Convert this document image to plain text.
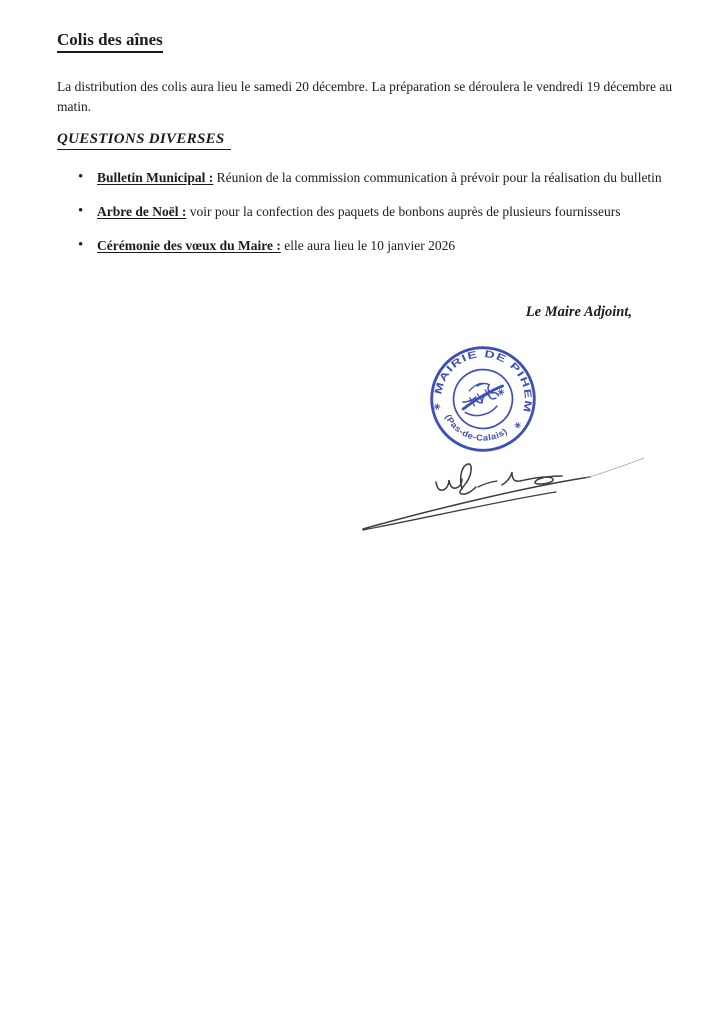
Colis des aînes

La distribution des colis aura lieu le samedi 20 décembre. La préparation se déroulera le vendredi 19 décembre au matin.

QUESTIONS DIVERSES
• Bulletin Municipal : Réunion de la commission communication à prévoir pour la réalisation du bulletin
• Arbre de Noël : voir pour la confection des paquets de bonbons auprès de plusieurs fournisseurs
• Cérémonie des vœux du Maire : elle aura lieu le 10 janvier 2026
Le Maire Adjoint,
✳
MAIRIE DE PIHEM
(Pas-de-Calais)
✳
✳
